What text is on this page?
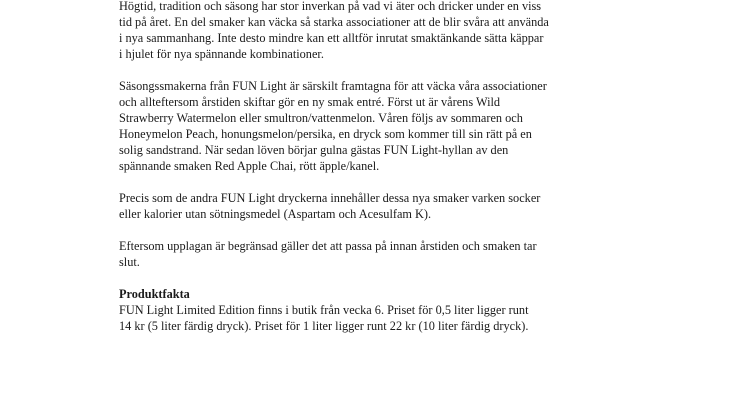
Högtid, tradition och säsong har stor inverkan på vad vi äter och dricker under en viss
tid på året. En del smaker kan väcka så starka associationer att de blir svåra att använda
i nya sammanhang. Inte desto mindre kan ett alltför inrutat smaktänkande sätta käppar
i hjulet för nya spännande kombinationer.

Säsongssmakerna från FUN Light är särskilt framtagna för att väcka våra associationer
och allteftersom årstiden skiftar gör en ny smak entré. Först ut är vårens Wild
Strawberry Watermelon eller smultron/vattenmelon. Våren följs av sommaren och
Honeymelon Peach, honungsmelon/persika, en dryck som kommer till sin rätt på en
solig sandstrand. När sedan löven börjar gulna gästas FUN Light-hyllan av den
spännande smaken Red Apple Chai, rött äpple/kanel.

Precis som de andra FUN Light dryckerna innehåller dessa nya smaker varken socker
eller kalorier utan sötningsmedel (Aspartam och Acesulfam K).

Eftersom upplagan är begränsad gäller det att passa på innan årstiden och smaken tar
slut.

Produktfakta
FUN Light Limited Edition finns i butik från vecka 6. Priset för 0,5 liter ligger runt
14 kr (5 liter färdig dryck). Priset för 1 liter ligger runt 22 kr (10 liter färdig dryck).
